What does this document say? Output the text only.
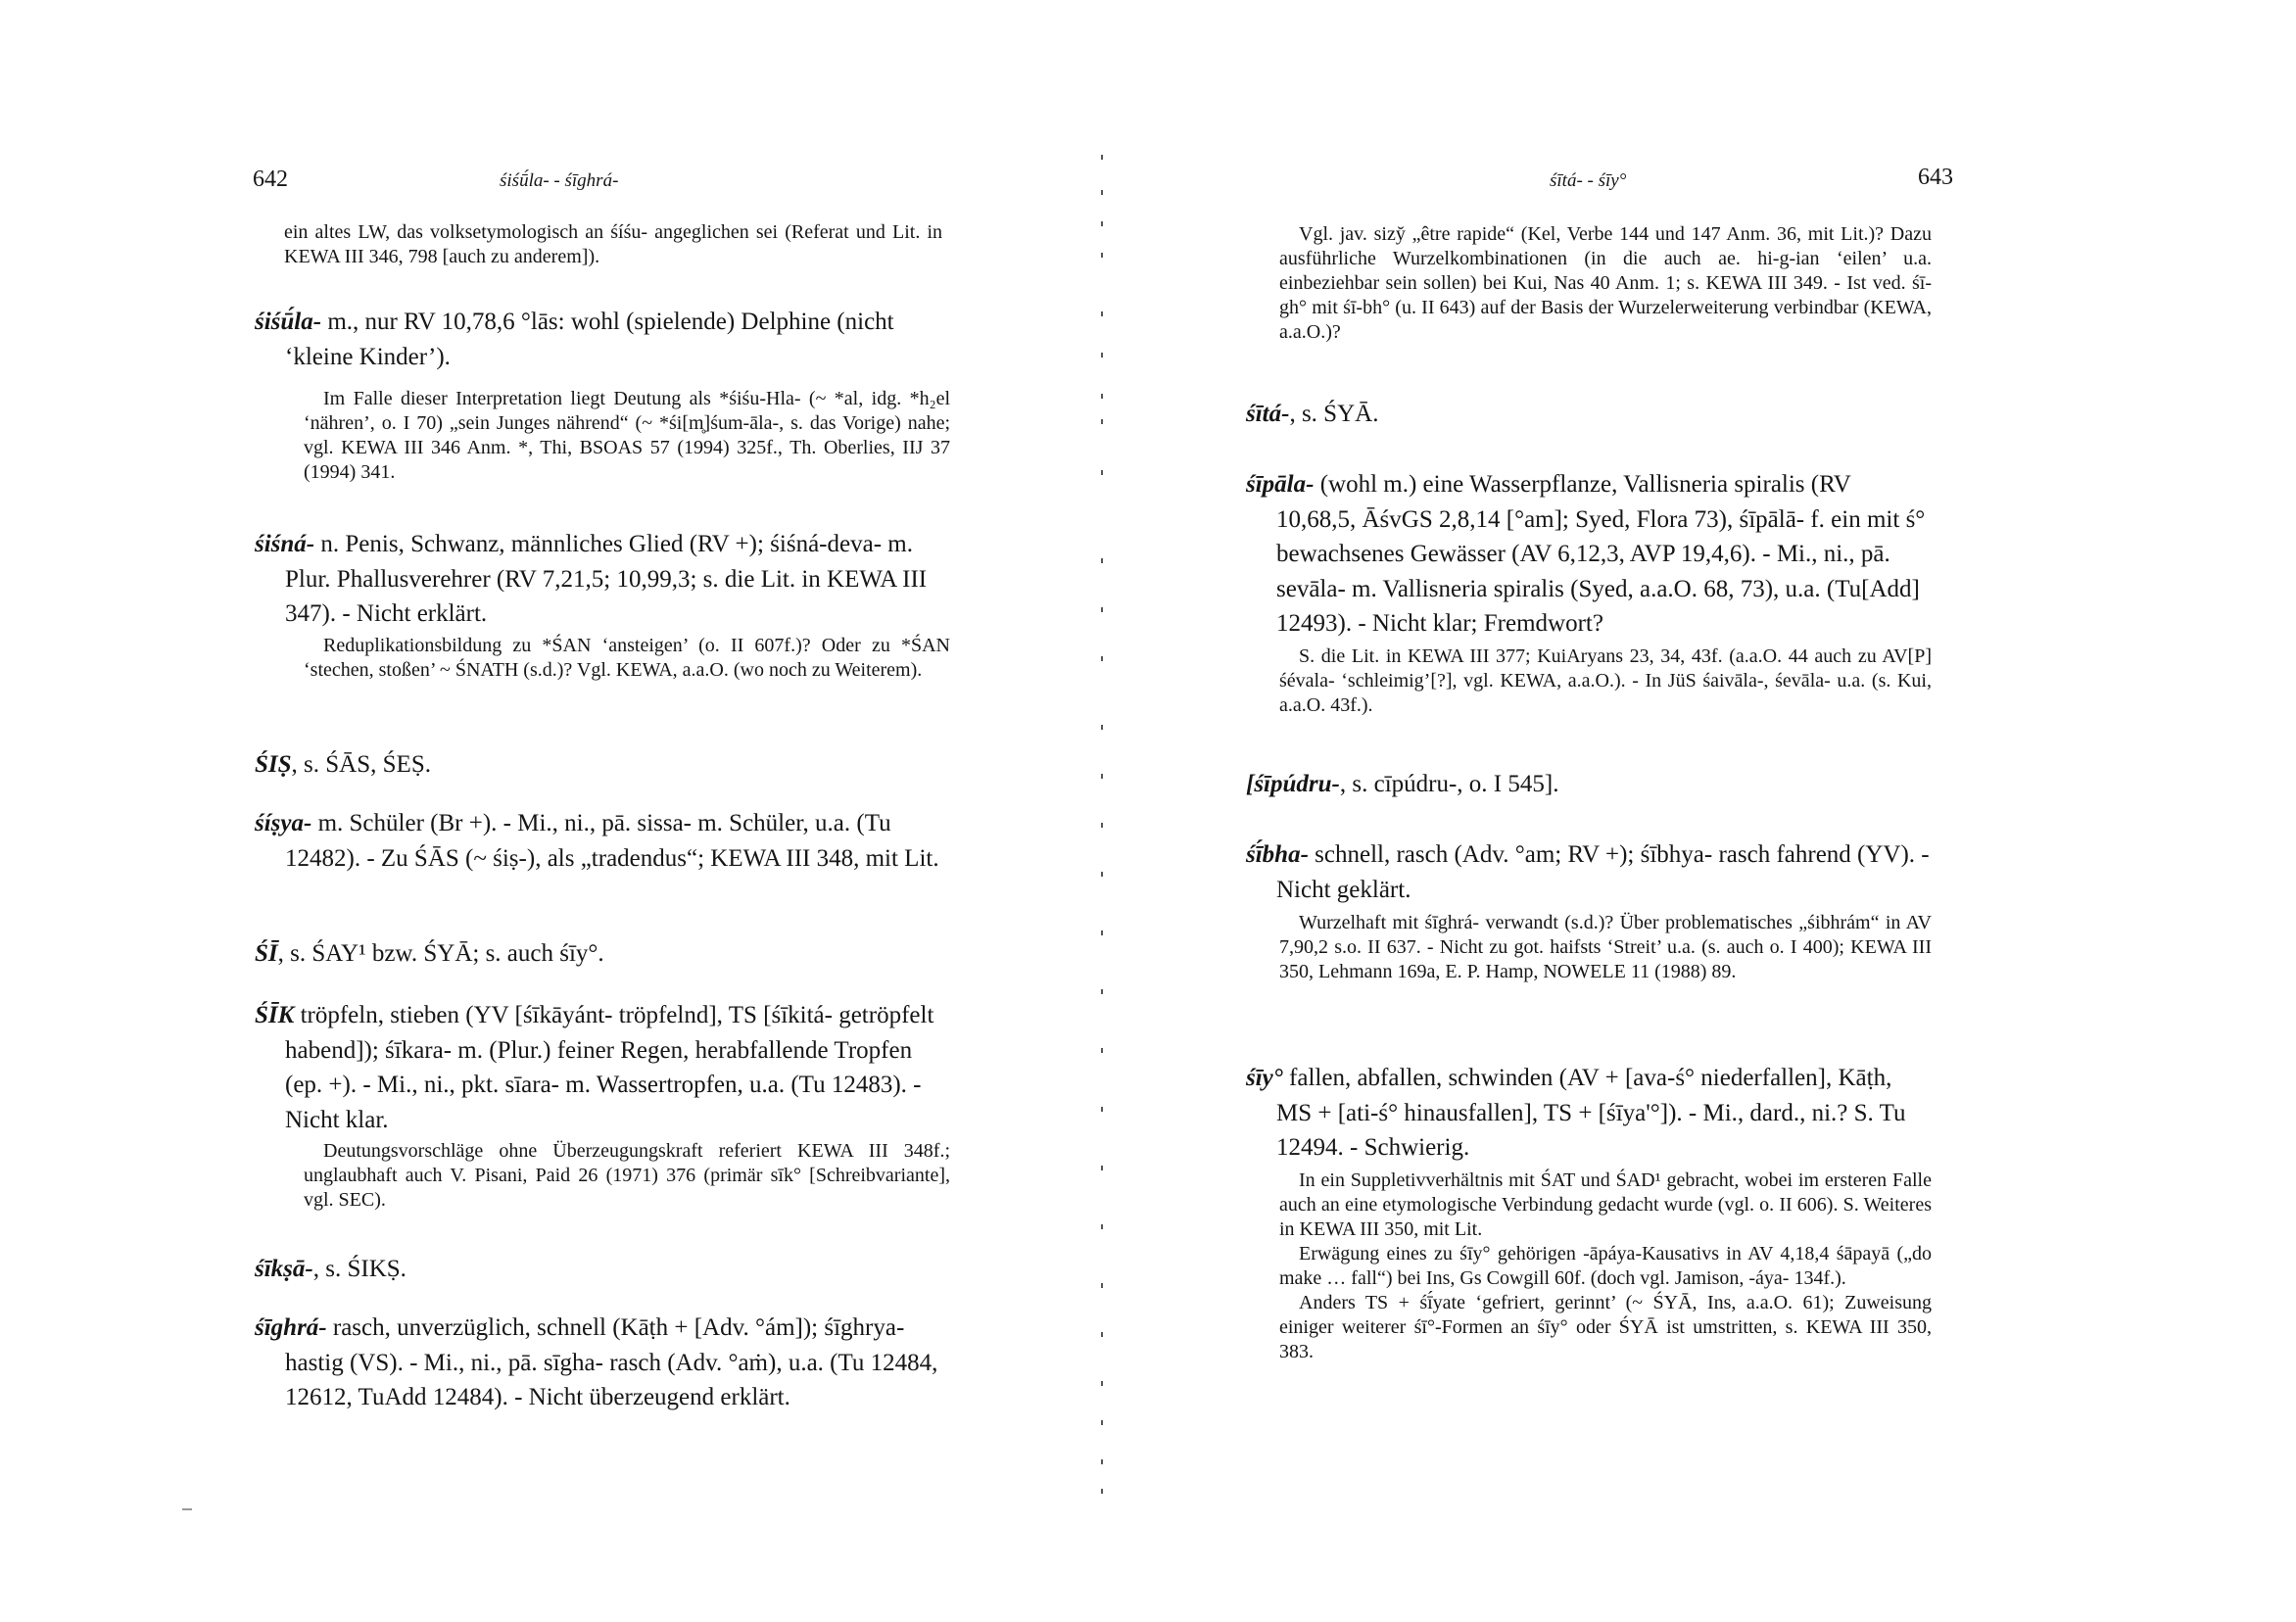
642	śiśū́la- - śīghrá-

ein altes LW, das volksetymologisch an śíśu- angeglichen sei (Referat und Lit. in KEWA III 346, 798 [auch zu anderem]).

śiśū́la- m., nur RV 10,78,6 °lās: wohl (spielende) Delphine (nicht ‘kleine Kinder’).

Im Falle dieser Interpretation liegt Deutung als *śiśu-Hla- (~ *al, idg. *h₂el ‘nähren’, o. I 70) „sein Junges nährend“ (~ *śi[m̥]śum-āla-, s. das Vorige) nahe; vgl. KEWA III 346 Anm. *, Thi, BSOAS 57 (1994) 325f., Th. Oberlies, IIJ 37 (1994) 341.

śiśná- n. Penis, Schwanz, männliches Glied (RV +); śiśná-deva- m. Plur. Phallusverehrer (RV 7,21,5; 10,99,3; s. die Lit. in KEWA III 347). - Nicht erklärt.

Reduplikationsbildung zu *ŚAN ‘ansteigen’ (o. II 607f.)? Oder zu *ŚAN ‘stechen, stoßen’ ~ ŚNATH (s.d.)? Vgl. KEWA, a.a.O. (wo noch zu Weiterem).

ŚIṢ, s. ŚĀS, ŚEṢ.

śíṣya- m. Schüler (Br +). - Mi., ni., pā. sissa- m. Schüler, u.a. (Tu 12482). - Zu ŚĀS (~ śiṣ-), als „tradendus“; KEWA III 348, mit Lit.

ŚĪ, s. ŚAY¹ bzw. ŚYĀ; s. auch śīy°.

ŚĪK tröpfeln, stieben (YV [śīkāyánt- tröpfelnd], TS [śīkitá- getröpfelt habend]); śīkara- m. (Plur.) feiner Regen, herabfallende Tropfen (ep. +). - Mi., ni., pkt. sīara- m. Wassertropfen, u.a. (Tu 12483). - Nicht klar.

Deutungsvorschläge ohne Überzeugungskraft referiert KEWA III 348f.; unglaubhaft auch V. Pisani, Paid 26 (1971) 376 (primär sīk° [Schreibvariante], vgl. SEC).

śīkṣā-, s. ŚIKṢ.

śīghrá- rasch, unverzüglich, schnell (Kāṭh + [Adv. °ám]); śīghrya- hastig (VS). - Mi., ni., pā. sīgha- rasch (Adv. °aṁ), u.a. (Tu 12484, 12612, TuAdd 12484). - Nicht überzeugend erklärt.

śītá- - śīy°	643

Vgl. jav. sizy̆ „être rapide“ (Kel, Verbe 144 und 147 Anm. 36, mit Lit.)? Dazu ausführliche Wurzelkombinationen (in die auch ae. hi-g-ian ‘eilen’ u.a. einbeziehbar sein sollen) bei Kui, Nas 40 Anm. 1; s. KEWA III 349. - Ist ved. śī-gh° mit śī-bh° (u. II 643) auf der Basis der Wurzelerweiterung verbindbar (KEWA, a.a.O.)?

śītá-, s. ŚYĀ.

śīpāla- (wohl m.) eine Wasserpflanze, Vallisneria spiralis (RV 10,68,5, ĀśvGS 2,8,14 [°am]; Syed, Flora 73), śīpālā- f. ein mit ś° bewachsenes Gewässer (AV 6,12,3, AVP 19,4,6). - Mi., ni., pā. sevāla- m. Vallisneria spiralis (Syed, a.a.O. 68, 73), u.a. (Tu[Add] 12493). - Nicht klar; Fremdwort?

S. die Lit. in KEWA III 377; KuiAryans 23, 34, 43f. (a.a.O. 44 auch zu AV[P] śévala- ‘schleimig’[?], vgl. KEWA, a.a.O.). - In JüS śaivāla-, śevāla- u.a. (s. Kui, a.a.O. 43f.).

[śīpúdru-, s. cīpúdru-, o. I 545].

śī́bha- schnell, rasch (Adv. °am; RV +); śībhya- rasch fahrend (YV). - Nicht geklärt.

Wurzelhaft mit śīghrá- verwandt (s.d.)? Über problematisches „śibhrám“ in AV 7,90,2 s.o. II 637. - Nicht zu got. haifsts ‘Streit’ u.a. (s. auch o. I 400); KEWA III 350, Lehmann 169a, E. P. Hamp, NOWELE 11 (1988) 89.

śīy° fallen, abfallen, schwinden (AV + [ava-ś° niederfallen], Kāṭh, MS + [ati-ś° hinausfallen], TS + [śīya'°]). - Mi., dard., ni.? S. Tu 12494. - Schwierig.

In ein Suppletivverhältnis mit ŚAT und ŚAD¹ gebracht, wobei im ersteren Falle auch an eine etymologische Verbindung gedacht wurde (vgl. o. II 606). S. Weiteres in KEWA III 350, mit Lit.

Erwägung eines zu śīy° gehörigen -āpáya-Kausativs in AV 4,18,4 śāpayā („do make … fall“) bei Ins, Gs Cowgill 60f. (doch vgl. Jamison, -áya- 134f.).

Anders TS + śī́yate ‘gefriert, gerinnt’ (~ ŚYĀ, Ins, a.a.O. 61); Zuweisung einiger weiterer śī°-Formen an śīy° oder ŚYĀ ist umstritten, s. KEWA III 350, 383.
